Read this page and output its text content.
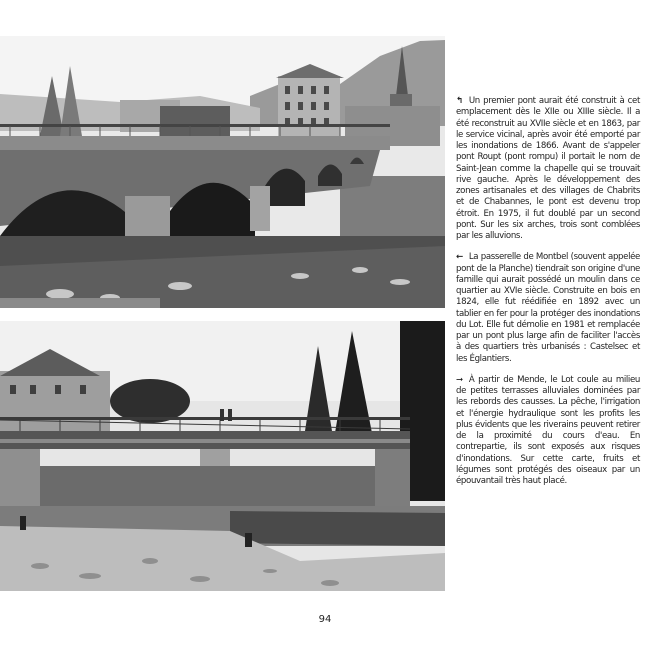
↰ Un premier pont aurait été construit à cet emplacement dès le XIIe ou XIIIe siècle. Il a été reconstruit au XVIIe siècle et en 1863, par le service vicinal, après avoir été emporté par les inondations de 1866. Avant de s'appeler pont Roupt (pont rompu) il portait le nom de Saint-Jean comme la chapelle qui se trouvait rive gauche. Après le développement des zones artisanales et des villages de Chabrits et de Chabannes, le pont est devenu trop étroit. En 1975, il fut doublé par un second pont. Sur les six arches, trois sont comblées par les alluvions.

← La passerelle de Montbel (souvent appelée pont de la Planche) tiendrait son origine d'une famille qui aurait possédé un moulin dans ce quartier au XVIe siècle. Construite en bois en 1824, elle fut réédifiée en 1892 avec un tablier en fer pour la protéger des inondations du Lot. Elle fut démolie en 1981 et remplacée par un pont plus large afin de faciliter l'accès à des quartiers très urbanisés : Castelsec et les Églantiers.

➞ À partir de Mende, le Lot coule au milieu de petites terrasses alluviales dominées par les rebords des causses. La pêche, l'irrigation et l'énergie hydraulique sont les profits les plus évidents que les riverains peuvent retirer de la proximité du cours d'eau. En contrepartie, ils sont exposés aux risques d'inondations. Sur cette carte, fruits et légumes sont protégés des oiseaux par un épouvantail très haut placé.

94
